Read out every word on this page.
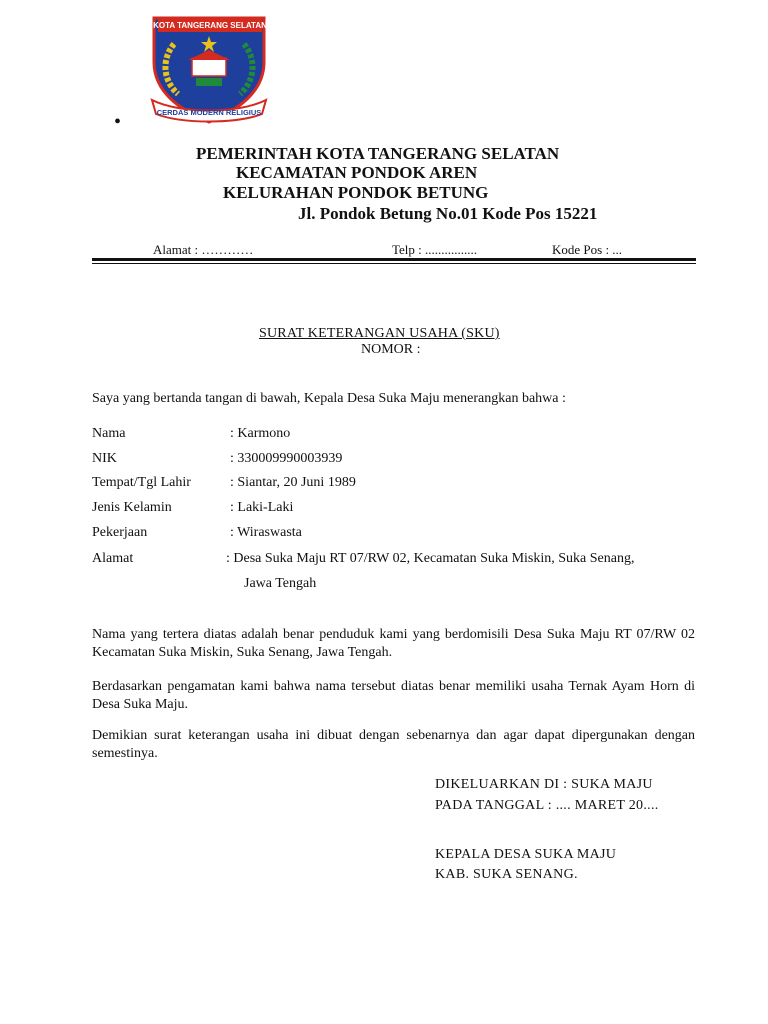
KOTA TANGERANG SELATAN
CERDAS MODERN RELIGIUS
•
PEMERINTAH KOTA TANGERANG SELATAN
KECAMATAN PONDOK AREN
KELURAHAN PONDOK BETUNG
Jl. Pondok Betung No.01 Kode Pos 15221
Alamat : …………	Telp : ................	Kode Pos : ...
SURAT KETERANGAN USAHA (SKU)
NOMOR :
Saya yang bertanda tangan di bawah, Kepala Desa Suka Maju menerangkan bahwa :
Nama	: Karmono
NIK	: 330009990003939
Tempat/Tgl Lahir	: Siantar, 20 Juni 1989
Jenis Kelamin	: Laki-Laki
Pekerjaan	: Wiraswasta
Alamat	: Desa Suka Maju RT 07/RW 02, Kecamatan Suka Miskin, Suka Senang,
Jawa Tengah
Nama yang tertera diatas adalah benar penduduk kami yang berdomisili Desa Suka Maju RT 07/RW 02 Kecamatan Suka Miskin, Suka Senang, Jawa Tengah.
Berdasarkan pengamatan kami bahwa nama tersebut diatas benar memiliki usaha Ternak Ayam Horn di Desa Suka Maju.
Demikian surat keterangan usaha ini dibuat dengan sebenarnya dan agar dapat dipergunakan dengan semestinya.
DIKELUARKAN DI : SUKA MAJU
PADA TANGGAL : .... MARET 20....
KEPALA DESA SUKA MAJU
KAB. SUKA SENANG.
